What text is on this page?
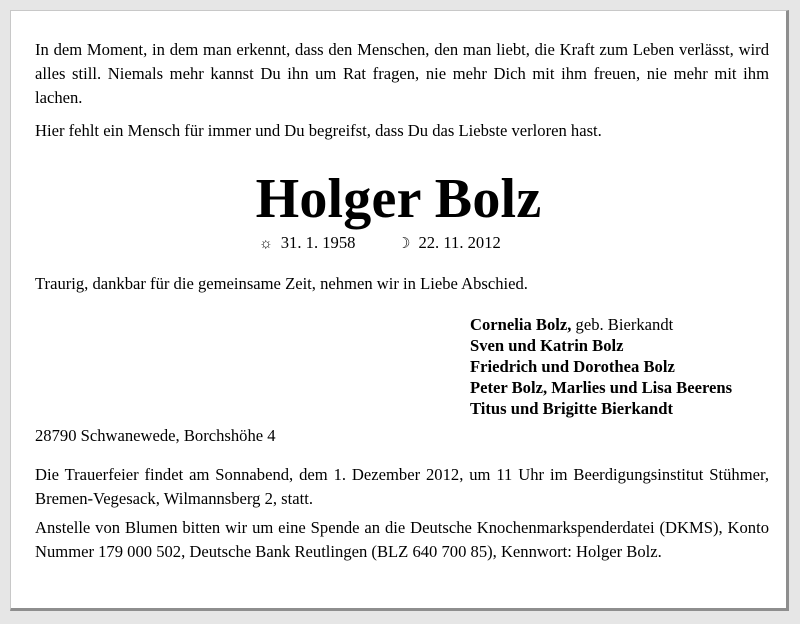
In dem Moment, in dem man erkennt, dass den Menschen, den man liebt, die Kraft zum Leben verlässt, wird alles still. Niemals mehr kannst Du ihn um Rat fragen, nie mehr Dich mit ihm freuen, nie mehr mit ihm lachen.

Hier fehlt ein Mensch für immer und Du begreifst, dass Du das Liebste verloren hast.

Holger Bolz
☼ 31. 1. 1958	☽ 22. 11. 2012

Traurig, dankbar für die gemeinsame Zeit, nehmen wir in Liebe Abschied.

Cornelia Bolz, geb. Bierkandt
Sven und Katrin Bolz
Friedrich und Dorothea Bolz
Peter Bolz, Marlies und Lisa Beerens
Titus und Brigitte Bierkandt

28790 Schwanewede, Borchshöhe 4

Die Trauerfeier findet am Sonnabend, dem 1. Dezember 2012, um 11 Uhr im Beerdigungsinstitut Stühmer, Bremen-Vegesack, Wilmannsberg 2, statt.

Anstelle von Blumen bitten wir um eine Spende an die Deutsche Knochenmarkspenderdatei (DKMS), Konto Nummer 179 000 502, Deutsche Bank Reutlingen (BLZ 640 700 85), Kennwort: Holger Bolz.
